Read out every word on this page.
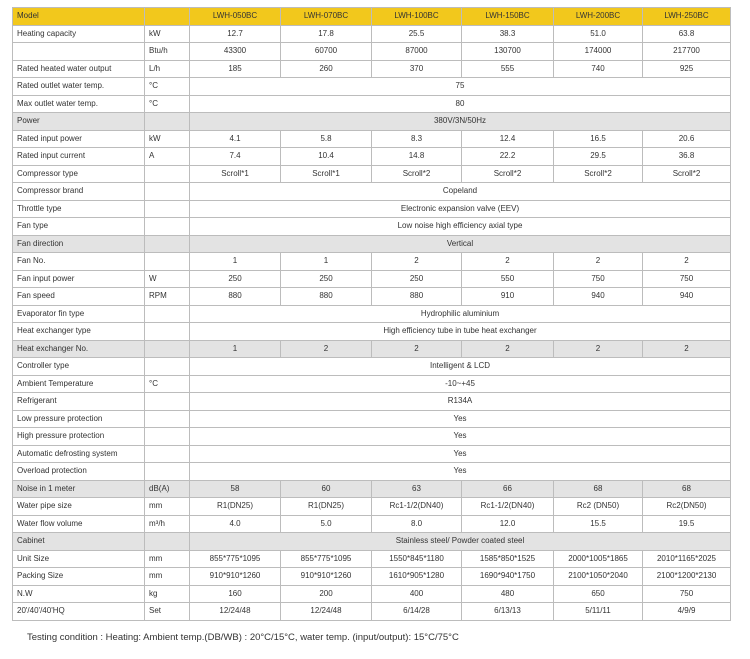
Model		LWH-050BC	LWH-070BC	LWH-100BC	LWH-150BC	LWH-200BC	LWH-250BC
Heating capacity	kW	12.7	17.8	25.5	38.3	51.0	63.8
	Btu/h	43300	60700	87000	130700	174000	217700
Rated heated water output	L/h	185	260	370	555	740	925
Rated outlet water temp.	°C	75					
Max outlet water temp.	°C	80					
Power		380V/3N/50Hz					
Rated input power	kW	4.1	5.8	8.3	12.4	16.5	20.6
Rated input current	A	7.4	10.4	14.8	22.2	29.5	36.8
Compressor type		Scroll*1	Scroll*1	Scroll*2	Scroll*2	Scroll*2	Scroll*2
Compressor brand		Copeland					
Throttle type		Electronic expansion valve (EEV)					
Fan type		Low noise high efficiency axial type					
Fan direction		Vertical					
Fan No.		1	1	2	2	2	2
Fan input power	W	250	250	250	550	750	750
Fan speed	RPM	880	880	880	910	940	940
Evaporator fin type		Hydrophilic aluminium					
Heat exchanger type		High efficiency tube in tube heat exchanger					
Heat exchanger No.		1	2	2	2	2	2
Controller type		Intelligent & LCD					
Ambient Temperature	°C	-10~+45					
Refrigerant		R134A					
Low pressure protection		Yes					
High pressure protection		Yes					
Automatic defrosting system		Yes					
Overload protection		Yes					
Noise in 1 meter	dB(A)	58	60	63	66	68	68
Water pipe size	mm	R1(DN25)	R1(DN25)	Rc1-1/2(DN40)	Rc1-1/2(DN40)	Rc2 (DN50)	Rc2(DN50)
Water flow volume	m³/h	4.0	5.0	8.0	12.0	15.5	19.5
Cabinet		Stainless steel/ Powder coated steel					
Unit Size	mm	855*775*1095	855*775*1095	1550*845*1180	1585*850*1525	2000*1005*1865	2010*1165*2025
Packing Size	mm	910*910*1260	910*910*1260	1610*905*1280	1690*940*1750	2100*1050*2040	2100*1200*2130
N.W	kg	160	200	400	480	650	750
20'/40'/40'HQ	Set	12/24/48	12/24/48	6/14/28	6/13/13	5/11/11	4/9/9
Testing condition : Heating: Ambient temp.(DB/WB) : 20°C/15°C, water temp. (input/output): 15°C/75°C
